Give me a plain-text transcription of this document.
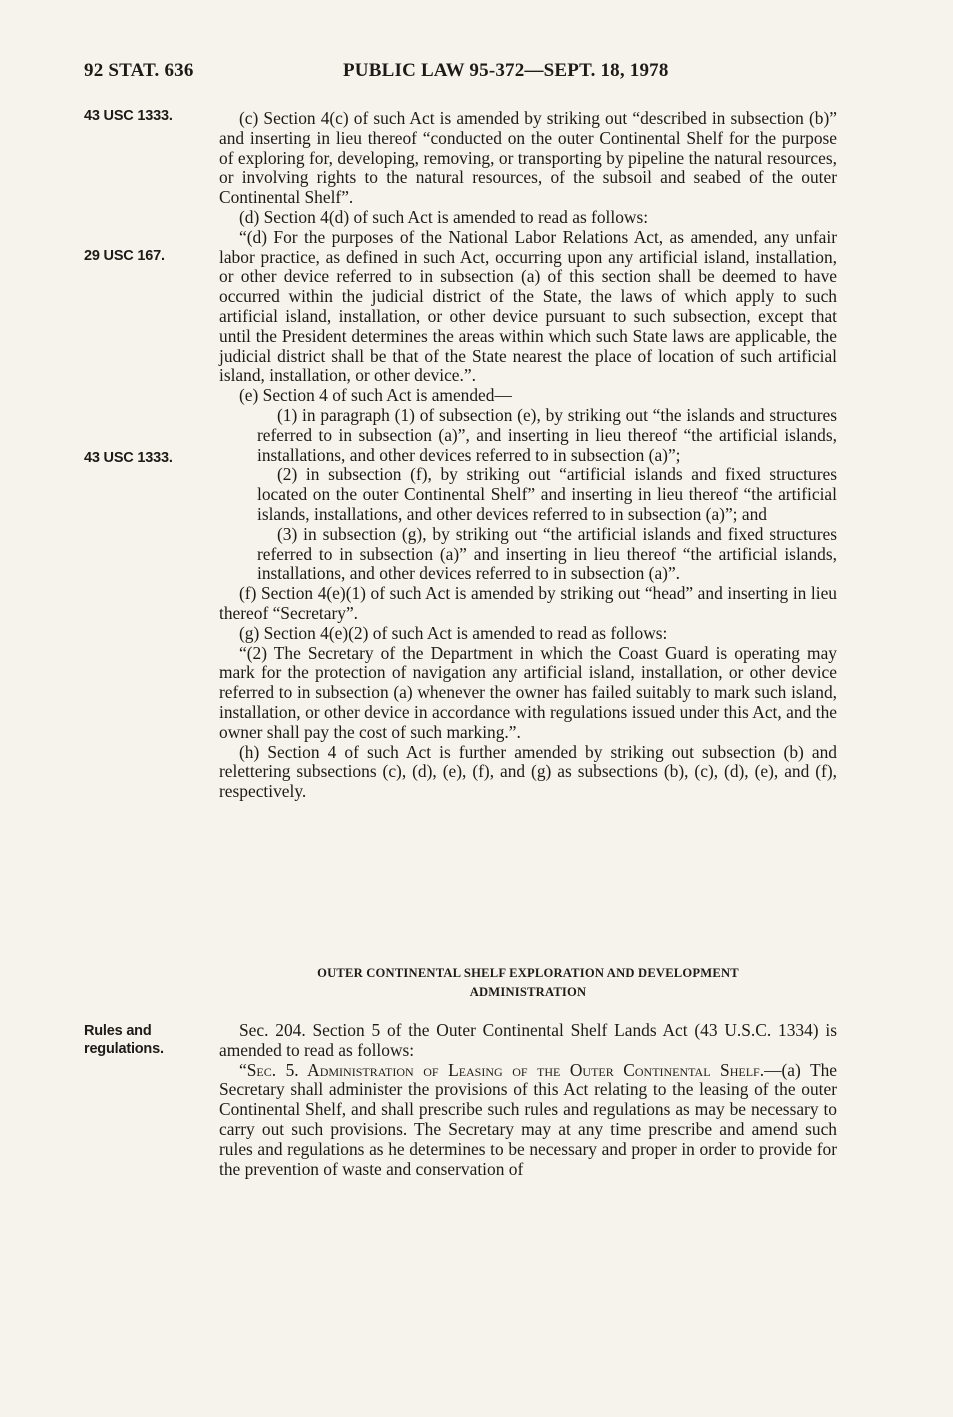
92 STAT. 636	PUBLIC LAW 95-372—SEPT. 18, 1978
43 USC 1333.
29 USC 167.
43 USC 1333.
Rules and
regulations.

(c) Section 4(c) of such Act is amended by striking out “described in subsection (b)” and inserting in lieu thereof “conducted on the outer Continental Shelf for the purpose of exploring for, developing, removing, or transporting by pipeline the natural resources, or involving rights to the natural resources, of the subsoil and seabed of the outer Continental Shelf”.

(d) Section 4(d) of such Act is amended to read as follows:

“(d) For the purposes of the National Labor Relations Act, as amended, any unfair labor practice, as defined in such Act, occurring upon any artificial island, installation, or other device referred to in subsection (a) of this section shall be deemed to have occurred within the judicial district of the State, the laws of which apply to such artificial island, installation, or other device pursuant to such subsection, except that until the President determines the areas within which such State laws are applicable, the judicial district shall be that of the State nearest the place of location of such artificial island, installation, or other device.”.

(e) Section 4 of such Act is amended—

(1) in paragraph (1) of subsection (e), by striking out “the islands and structures referred to in subsection (a)”, and inserting in lieu thereof “the artificial islands, installations, and other devices referred to in subsection (a)”;

(2) in subsection (f), by striking out “artificial islands and fixed structures located on the outer Continental Shelf” and inserting in lieu thereof “the artificial islands, installations, and other devices referred to in subsection (a)”; and

(3) in subsection (g), by striking out “the artificial islands and fixed structures referred to in subsection (a)” and inserting in lieu thereof “the artificial islands, installations, and other devices referred to in subsection (a)”.

(f) Section 4(e)(1) of such Act is amended by striking out “head” and inserting in lieu thereof “Secretary”.

(g) Section 4(e)(2) of such Act is amended to read as follows:

“(2) The Secretary of the Department in which the Coast Guard is operating may mark for the protection of navigation any artificial island, installation, or other device referred to in subsection (a) whenever the owner has failed suitably to mark such island, installation, or other device in accordance with regulations issued under this Act, and the owner shall pay the cost of such marking.”.

(h) Section 4 of such Act is further amended by striking out subsection (b) and relettering subsections (c), (d), (e), (f), and (g) as subsections (b), (c), (d), (e), and (f), respectively.

OUTER CONTINENTAL SHELF EXPLORATION AND DEVELOPMENT
ADMINISTRATION

Sec. 204. Section 5 of the Outer Continental Shelf Lands Act (43 U.S.C. 1334) is amended to read as follows:

“Sec. 5. Administration of Leasing of the Outer Continental Shelf.—(a) The Secretary shall administer the provisions of this Act relating to the leasing of the outer Continental Shelf, and shall prescribe such rules and regulations as may be necessary to carry out such provisions. The Secretary may at any time prescribe and amend such rules and regulations as he determines to be necessary and proper in order to provide for the prevention of waste and conservation of
